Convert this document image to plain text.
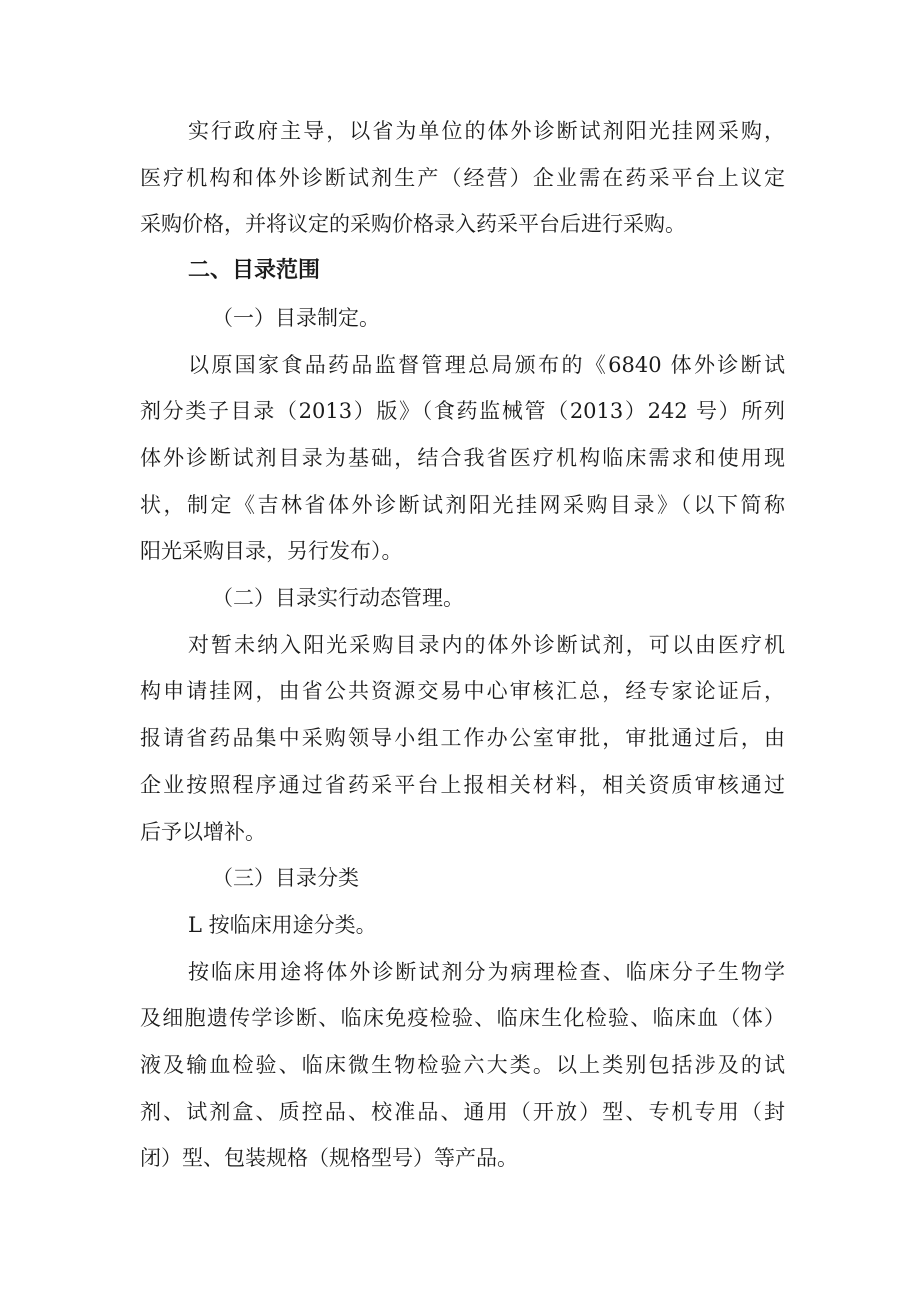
实行政府主导，以省为单位的体外诊断试剂阳光挂网采购，
医疗机构和体外诊断试剂生产（经营）企业需在药采平台上议定
采购价格，并将议定的采购价格录入药采平台后进行采购。

二、目录范围

（一）目录制定。

以原国家食品药品监督管理总局颁布的《6840 体外诊断试
剂分类子目录（2013）版》（食药监械管（2013）242 号）所列
体外诊断试剂目录为基础，结合我省医疗机构临床需求和使用现
状，制定《吉林省体外诊断试剂阳光挂网采购目录》（以下简称
阳光采购目录，另行发布）。

（二）目录实行动态管理。

对暂未纳入阳光采购目录内的体外诊断试剂，可以由医疗机
构申请挂网，由省公共资源交易中心审核汇总，经专家论证后，
报请省药品集中采购领导小组工作办公室审批，审批通过后，由
企业按照程序通过省药采平台上报相关材料，相关资质审核通过
后予以增补。

（三）目录分类

L 按临床用途分类。

按临床用途将体外诊断试剂分为病理检查、临床分子生物学
及细胞遗传学诊断、临床免疫检验、临床生化检验、临床血（体）
液及输血检验、临床微生物检验六大类。以上类别包括涉及的试
剂、试剂盒、质控品、校准品、通用（开放）型、专机专用（封
闭）型、包装规格（规格型号）等产品。
